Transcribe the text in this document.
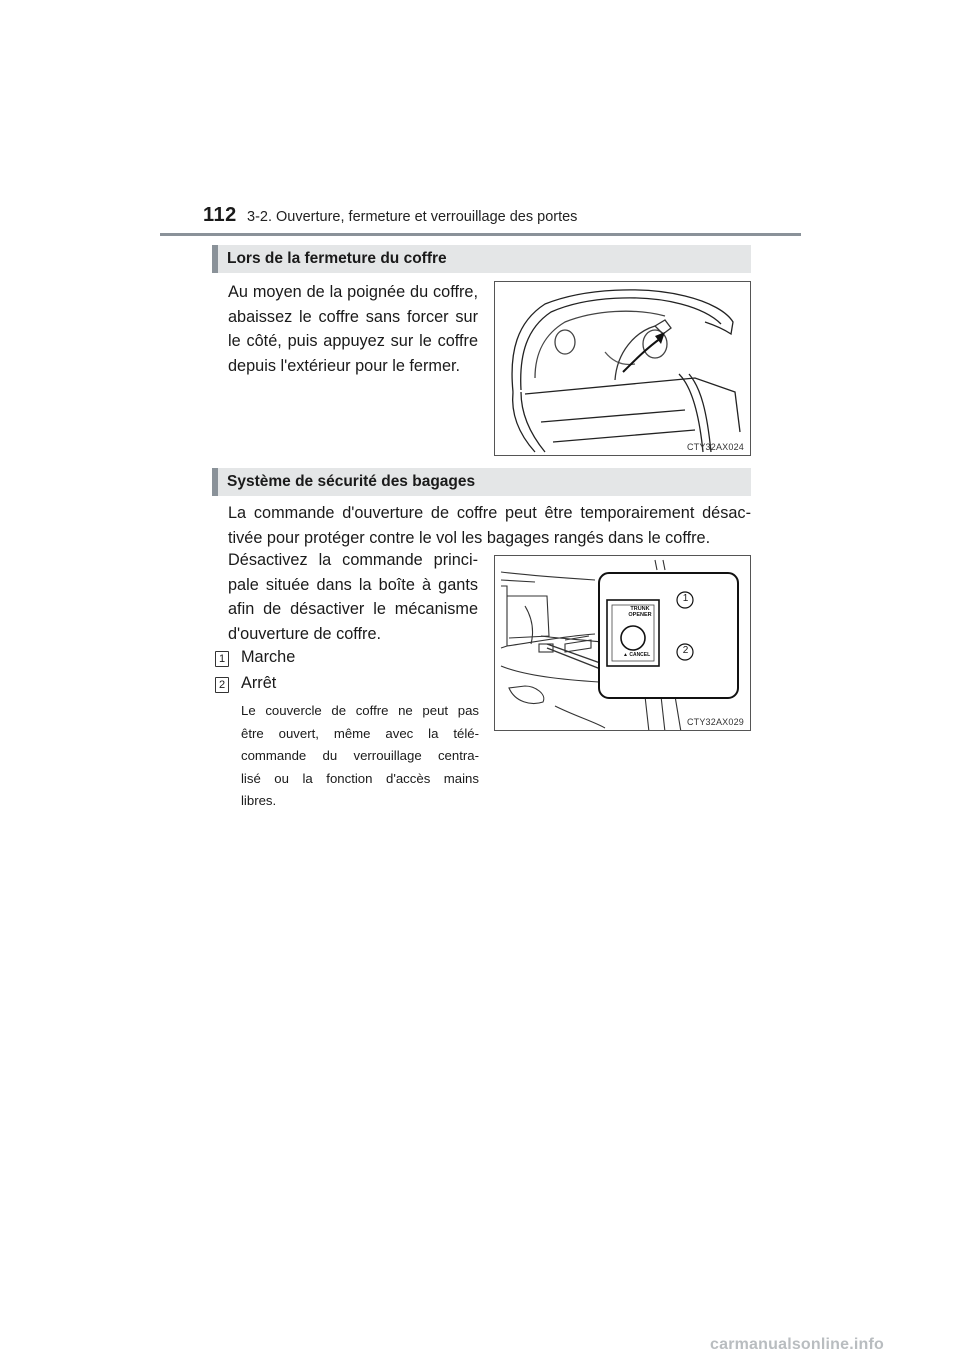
112 3-2. Ouverture, fermeture et verrouillage des portes
Lors de la fermeture du coffre
Au moyen de la poignée du coffre,
abaissez le coffre sans forcer sur
le côté, puis appuyez sur le coffre
depuis l'extérieur pour le fermer.
CTY32AX024
Système de sécurité des bagages
La commande d'ouverture de coffre peut être temporairement désac-
tivée pour protéger contre le vol les bagages rangés dans le coffre.
Désactivez la commande princi-
pale située dans la boîte à gants
afin de désactiver le mécanisme
d'ouverture de coffre.
1 Marche
2 Arrêt
Le couvercle de coffre ne peut pas
être ouvert, même avec la télé-
commande du verrouillage centra-
lisé ou la fonction d'accès mains
libres.
TRUNK
OPENER
▲ CANCEL
1
2
CTY32AX029
carmanualsonline.info
